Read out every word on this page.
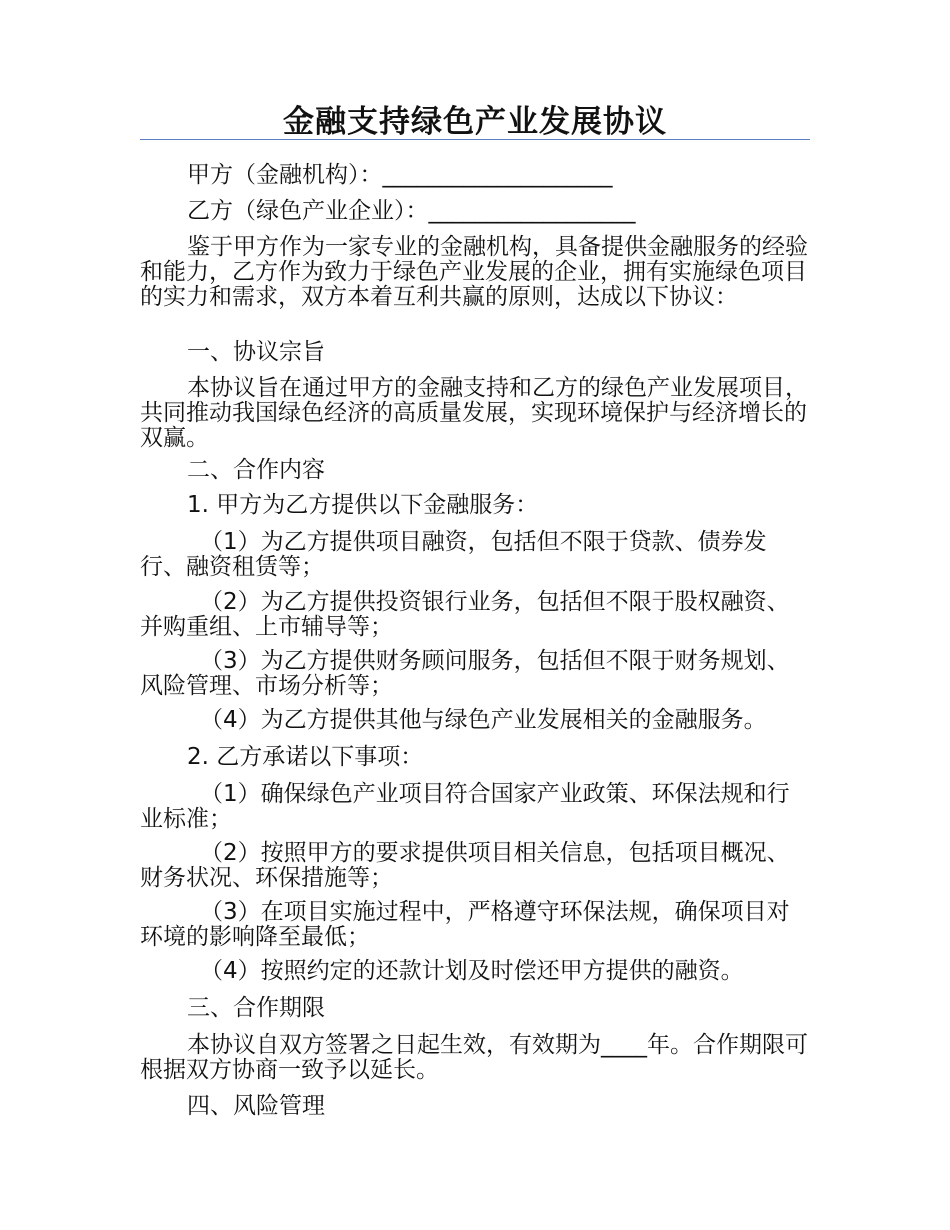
金融支持绿色产业发展协议

甲方（金融机构）：____________________

乙方（绿色产业企业）：__________________

鉴于甲方作为一家专业的金融机构，具备提供金融服务的经验和能力，乙方作为致力于绿色产业发展的企业，拥有实施绿色项目的实力和需求，双方本着互利共赢的原则，达成以下协议：

一、协议宗旨

本协议旨在通过甲方的金融支持和乙方的绿色产业发展项目，共同推动我国绿色经济的高质量发展，实现环境保护与经济增长的双赢。

二、合作内容

1. 甲方为乙方提供以下金融服务：

（1）为乙方提供项目融资，包括但不限于贷款、债券发行、融资租赁等；

（2）为乙方提供投资银行业务，包括但不限于股权融资、并购重组、上市辅导等；

（3）为乙方提供财务顾问服务，包括但不限于财务规划、风险管理、市场分析等；

（4）为乙方提供其他与绿色产业发展相关的金融服务。

2. 乙方承诺以下事项：

（1）确保绿色产业项目符合国家产业政策、环保法规和行业标准；

（2）按照甲方的要求提供项目相关信息，包括项目概况、财务状况、环保措施等；

（3）在项目实施过程中，严格遵守环保法规，确保项目对环境的影响降至最低；

（4）按照约定的还款计划及时偿还甲方提供的融资。

三、合作期限

本协议自双方签署之日起生效，有效期为____年。合作期限可根据双方协商一致予以延长。

四、风险管理
